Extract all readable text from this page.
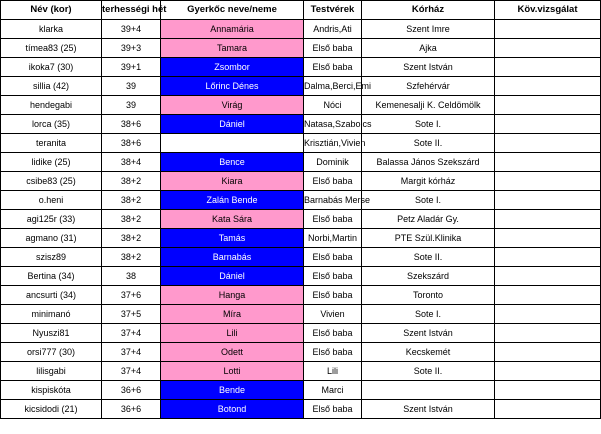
Név (kor)	terhességi hét	Gyerkőc neve/neme	Testvérek	Kórház	Köv.vizsgálat
klarka	39+4	Annamária	Andris,Ati	Szent Imre	
tímea83 (25)	39+3	Tamara	Első baba	Ajka	
ikoka7 (30)	39+1	Zsombor	Első baba	Szent István	
sillia (42)	39	Lőrinc Dénes	Dalma,Berci,Emi	Szfehérvár	
hendegabi	39	Virág	Nóci	Kemenesalji K. Celdömölk	
lorca (35)	38+6	Dániel	Natasa,Szabolcs	Sote I.	
teranita	38+6		Krisztián,Vivien	Sote II.	
lidike (25)	38+4	Bence	Dominik	Balassa János Szekszárd	
csibe83 (25)	38+2	Kiara	Első baba	Margit kórház	
o.heni	38+2	Zalán Bende	Barnabás Merse	Sote I.	
agi125r (33)	38+2	Kata Sára	Első baba	Petz Aladár Gy.	
agmano (31)	38+2	Tamás	Norbi,Martin	PTE Szül.Klinika	
szisz89	38+2	Barnabás	Első baba	Sote II.	
Bertina (34)	38	Dániel	Első baba	Szekszárd	
ancsurti (34)	37+6	Hanga	Első baba	Toronto	
minimanó	37+5	Míra	Vivien	Sote I.	
Nyuszi81	37+4	Lili	Első baba	Szent István	
orsi777 (30)	37+4	Odett	Első baba	Kecskemét	
lilisgabi	37+4	Lotti	Lili	Sote II.	
kispiskóta	36+6	Bende	Marci		
kicsidodi (21)	36+6	Botond	Első baba	Szent István	
